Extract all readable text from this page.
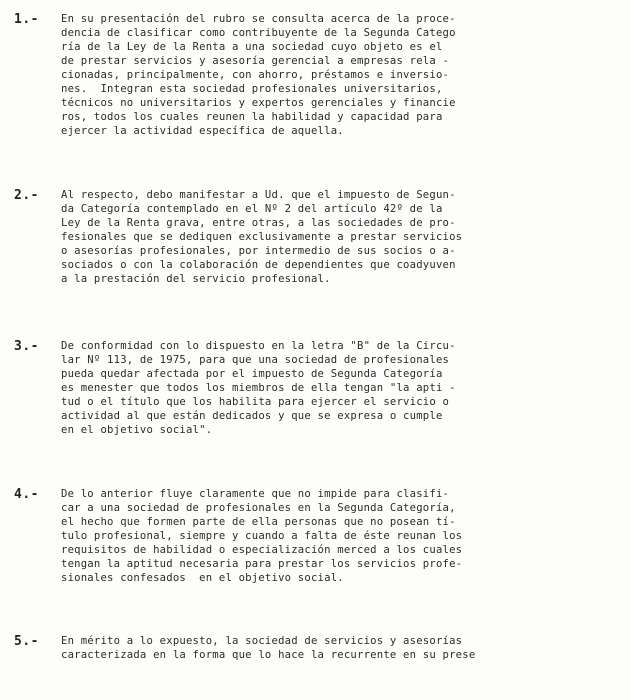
1.-	En su presentación del rubro se consulta acerca de la proce-
dencia de clasificar como contribuyente de la Segunda Catego
ría de la Ley de la Renta a una sociedad cuyo objeto es el
de prestar servicios y asesoría gerencial a empresas rela -
cionadas, principalmente, con ahorro, préstamos e inversio-
nes.  Integran esta sociedad profesionales universitarios,
técnicos no universitarios y expertos gerenciales y financie
ros, todos los cuales reunen la habilidad y capacidad para
ejercer la actividad específica de aquella.
2.-	Al respecto, debo manifestar a Ud. que el impuesto de Segun-
da Categoría contemplado en el Nº 2 del artículo 42º de la
Ley de la Renta grava, entre otras, a las sociedades de pro-
fesionales que se dediquen exclusivamente a prestar servicios
o asesorías profesionales, por intermedio de sus socios o a-
sociados o con la colaboración de dependientes que coadyuven
a la prestación del servicio profesional.
3.-	De conformidad con lo dispuesto en la letra "B" de la Circu-
lar Nº 113, de 1975, para que una sociedad de profesionales
pueda quedar afectada por el impuesto de Segunda Categoría
es menester que todos los miembros de ella tengan "la apti -
tud o el título que los habilita para ejercer el servicio o
actividad al que están dedicados y que se expresa o cumple
en el objetivo social".
4.-	De lo anterior fluye claramente que no impide para clasifi-
car a una sociedad de profesionales en la Segunda Categoría,
el hecho que formen parte de ella personas que no posean tí-
tulo profesional, siempre y cuando a falta de éste reunan los
requisitos de habilidad o especialización merced a los cuales
tengan la aptitud necesaria para prestar los servicios profe-
sionales confesados  en el objetivo social.
5.-	En mérito a lo expuesto, la sociedad de servicios y asesorías
caracterizada en la forma que lo hace la recurrente en su prese
